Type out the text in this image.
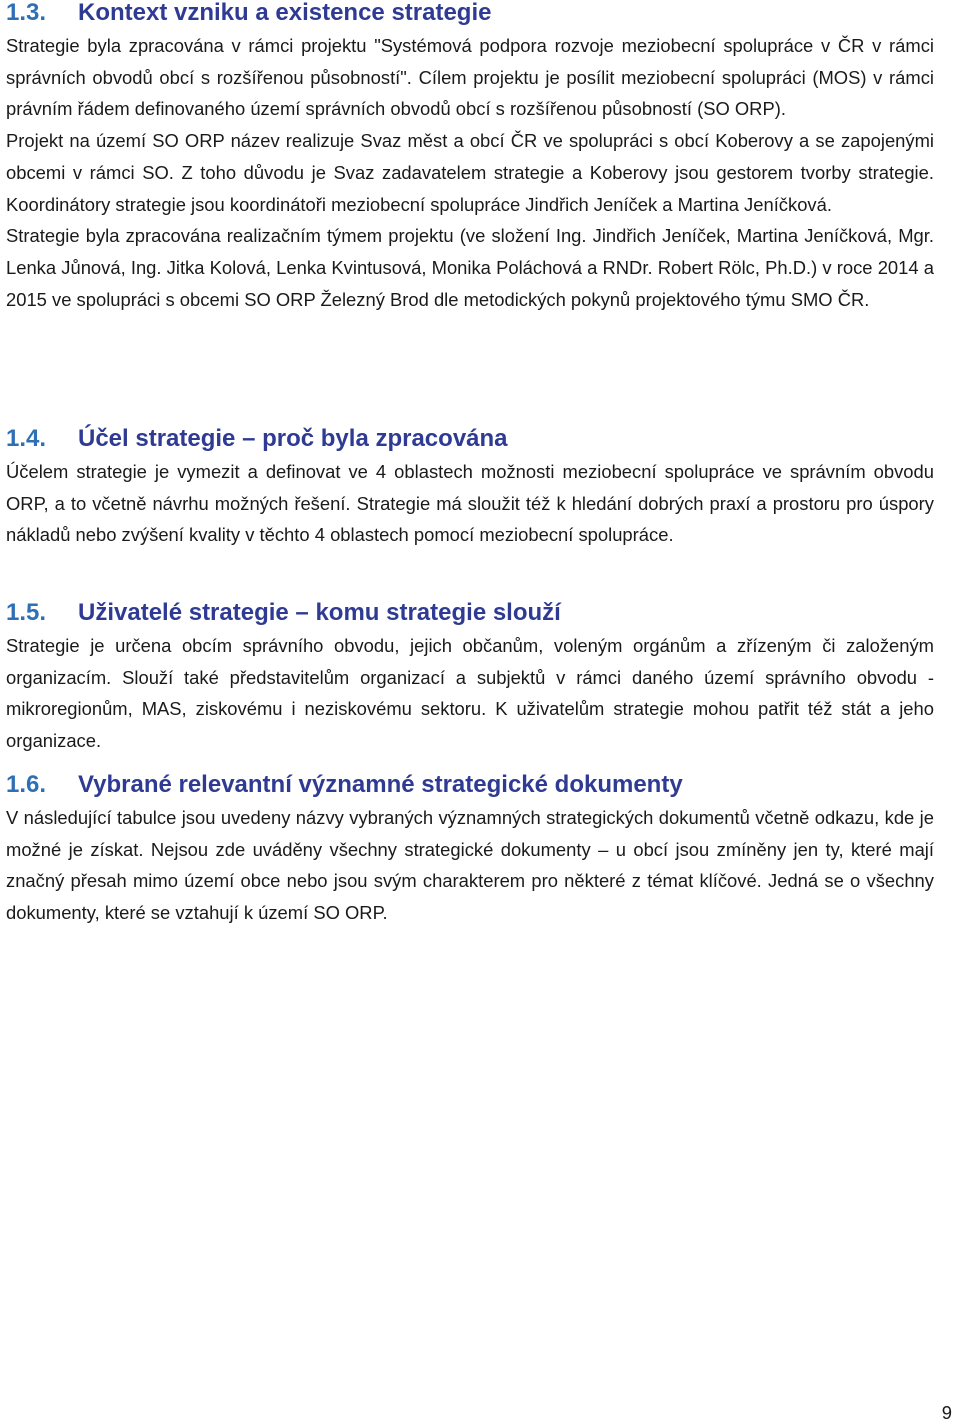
1.3.	Kontext vzniku a existence strategie

Strategie byla zpracována v rámci projektu "Systémová podpora rozvoje meziobecní spolupráce v ČR v rámci správních obvodů obcí s rozšířenou působností". Cílem projektu je posílit meziobecní spolupráci (MOS) v rámci právním řádem definovaného území správních obvodů obcí s rozšířenou působností (SO ORP).

Projekt na území SO ORP název realizuje Svaz měst a obcí ČR ve spolupráci s obcí Koberovy a se zapojenými obcemi v rámci SO. Z toho důvodu je Svaz zadavatelem strategie a Koberovy jsou gestorem tvorby strategie. Koordinátory strategie jsou koordinátoři meziobecní spolupráce Jindřich Jeníček a Martina Jeníčková.

Strategie byla zpracována realizačním týmem projektu (ve složení Ing. Jindřich Jeníček, Martina Jeníčková, Mgr. Lenka Jůnová, Ing. Jitka Kolová, Lenka Kvintusová, Monika Poláchová a RNDr. Robert Rölc, Ph.D.) v roce 2014 a 2015 ve spolupráci s obcemi SO ORP Železný Brod dle metodických pokynů projektového týmu SMO ČR.

1.4.	Účel strategie – proč byla zpracována

Účelem strategie je vymezit a definovat ve 4 oblastech možnosti meziobecní spolupráce ve správním obvodu ORP, a to včetně návrhu možných řešení. Strategie má sloužit též k hledání dobrých praxí a prostoru pro úspory nákladů nebo zvýšení kvality v těchto 4 oblastech pomocí meziobecní spolupráce.

1.5.	Uživatelé strategie – komu strategie slouží

Strategie je určena obcím správního obvodu, jejich občanům, voleným orgánům a zřízeným či založeným organizacím. Slouží také představitelům organizací a subjektů v rámci daného území správního obvodu - mikroregionům, MAS, ziskovému i neziskovému sektoru. K uživatelům strategie mohou patřit též stát a jeho organizace.

1.6.	Vybrané relevantní významné strategické dokumenty

V následující tabulce jsou uvedeny názvy vybraných významných strategických dokumentů včetně odkazu, kde je možné je získat. Nejsou zde uváděny všechny strategické dokumenty – u obcí jsou zmíněny jen ty, které mají značný přesah mimo území obce nebo jsou svým charakterem pro některé z témat klíčové. Jedná se o všechny dokumenty, které se vztahují k území SO ORP.

9
